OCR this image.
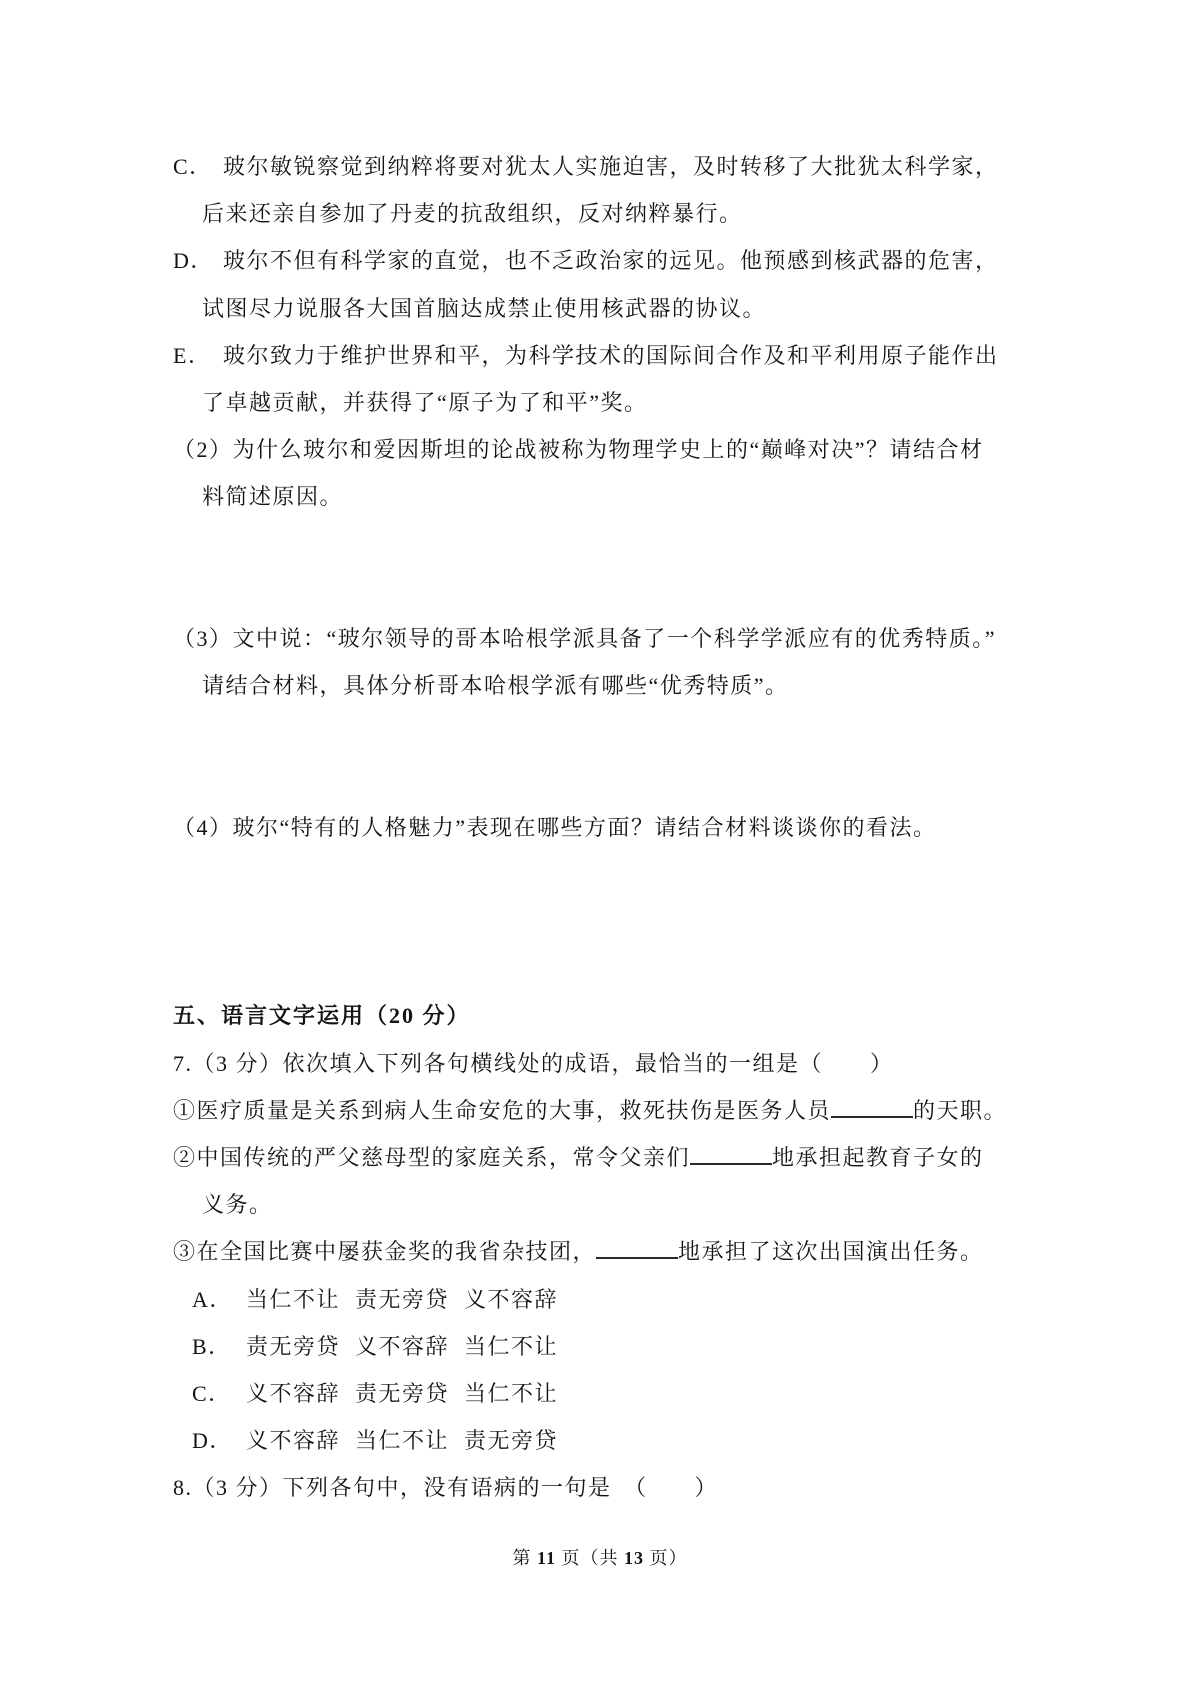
C． 玻尔敏锐察觉到纳粹将要对犹太人实施迫害，及时转移了大批犹太科学家，
后来还亲自参加了丹麦的抗敌组织，反对纳粹暴行。
D． 玻尔不但有科学家的直觉，也不乏政治家的远见。他预感到核武器的危害，
试图尽力说服各大国首脑达成禁止使用核武器的协议。
E． 玻尔致力于维护世界和平，为科学技术的国际间合作及和平利用原子能作出
了卓越贡献，并获得了“原子为了和平”奖。
（2）为什么玻尔和爱因斯坦的论战被称为物理学史上的“巅峰对决”？请结合材
料简述原因。
（3）文中说：“玻尔领导的哥本哈根学派具备了一个科学学派应有的优秀特质。”
请结合材料，具体分析哥本哈根学派有哪些“优秀特质”。
（4）玻尔“特有的人格魅力”表现在哪些方面？请结合材料谈谈你的看法。
五、语言文字运用（20 分）
7.（3 分）依次填入下列各句横线处的成语，最恰当的一组是（　　）
①医疗质量是关系到病人生命安危的大事，救死扶伤是医务人员	的天职。
②中国传统的严父慈母型的家庭关系，常令父亲们	地承担起教育子女的
义务。
③在全国比赛中屡获金奖的我省杂技团，	地承担了这次出国演出任务。
A． 当仁不让 责无旁贷 义不容辞
B． 责无旁贷 义不容辞 当仁不让
C． 义不容辞 责无旁贷 当仁不让
D． 义不容辞 当仁不让 责无旁贷
8.（3 分）下列各句中，没有语病的一句是　（　　）
第 11 页（共 13 页）
